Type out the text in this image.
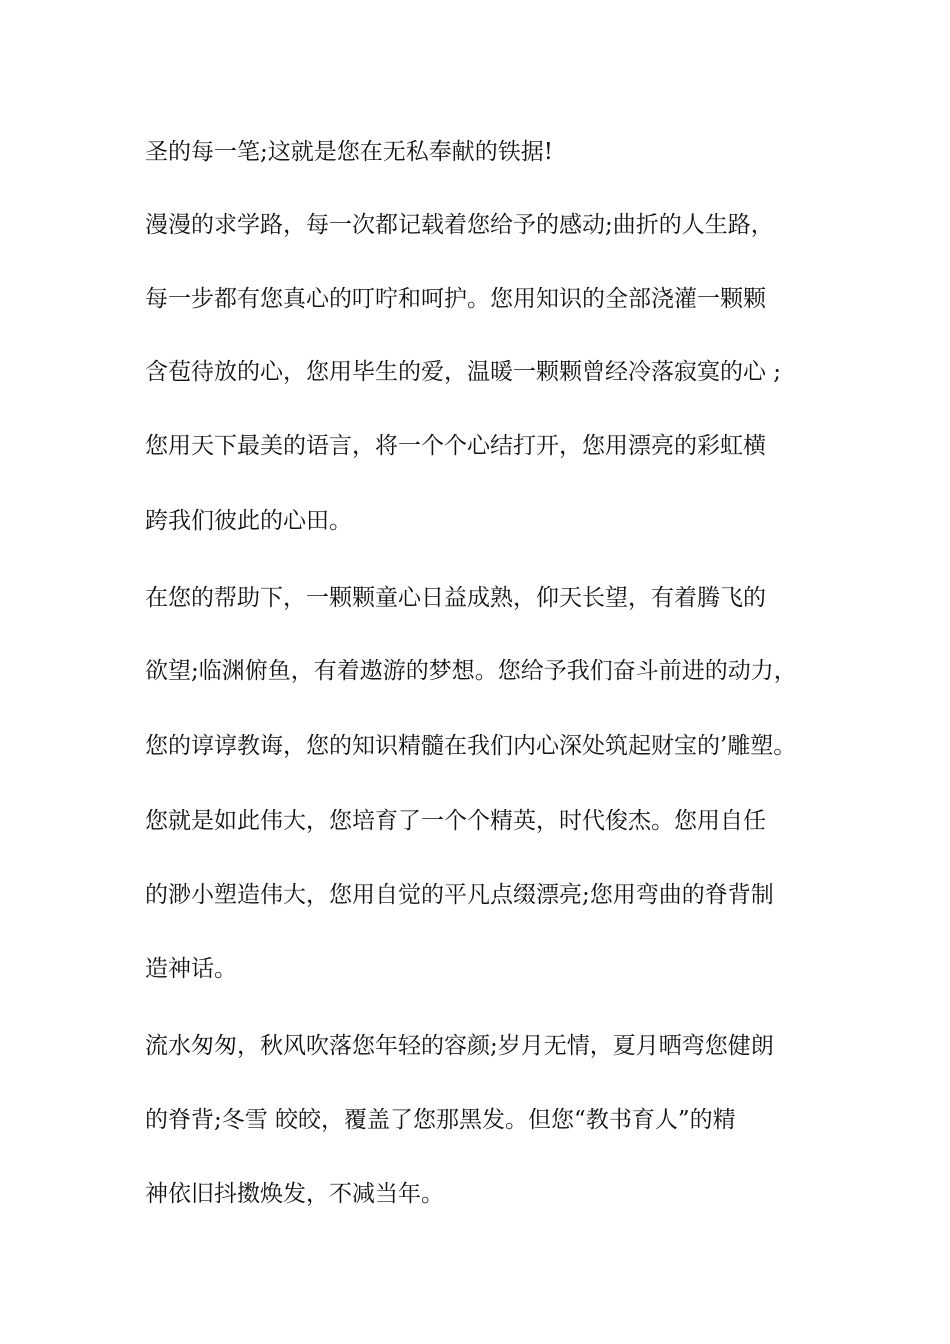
圣的每一笔;这就是您在无私奉献的铁据!
漫漫的求学路，每一次都记载着您给予的感动;曲折的人生路，
每一步都有您真心的叮咛和呵护。您用知识的全部浇灌一颗颗
含苞待放的心，您用毕生的爱，温暖一颗颗曾经冷落寂寞的心 ;
您用天下最美的语言，将一个个心结打开，您用漂亮的彩虹横
跨我们彼此的心田。
在您的帮助下，一颗颗童心日益成熟，仰天长望，有着腾飞的
欲望;临渊俯鱼，有着遨游的梦想。您给予我们奋斗前进的动力，
您的谆谆教诲，您的知识精髓在我们内心深处筑起财宝的’雕塑。
您就是如此伟大，您培育了一个个精英，时代俊杰。您用自任
的渺小塑造伟大，您用自觉的平凡点缀漂亮;您用弯曲的脊背制
造神话。
流水匆匆，秋风吹落您年轻的容颜;岁月无情，夏月晒弯您健朗
的脊背;冬雪 皎皎，覆盖了您那黑发。但您“教书育人”的精
神依旧抖擞焕发，不减当年。
